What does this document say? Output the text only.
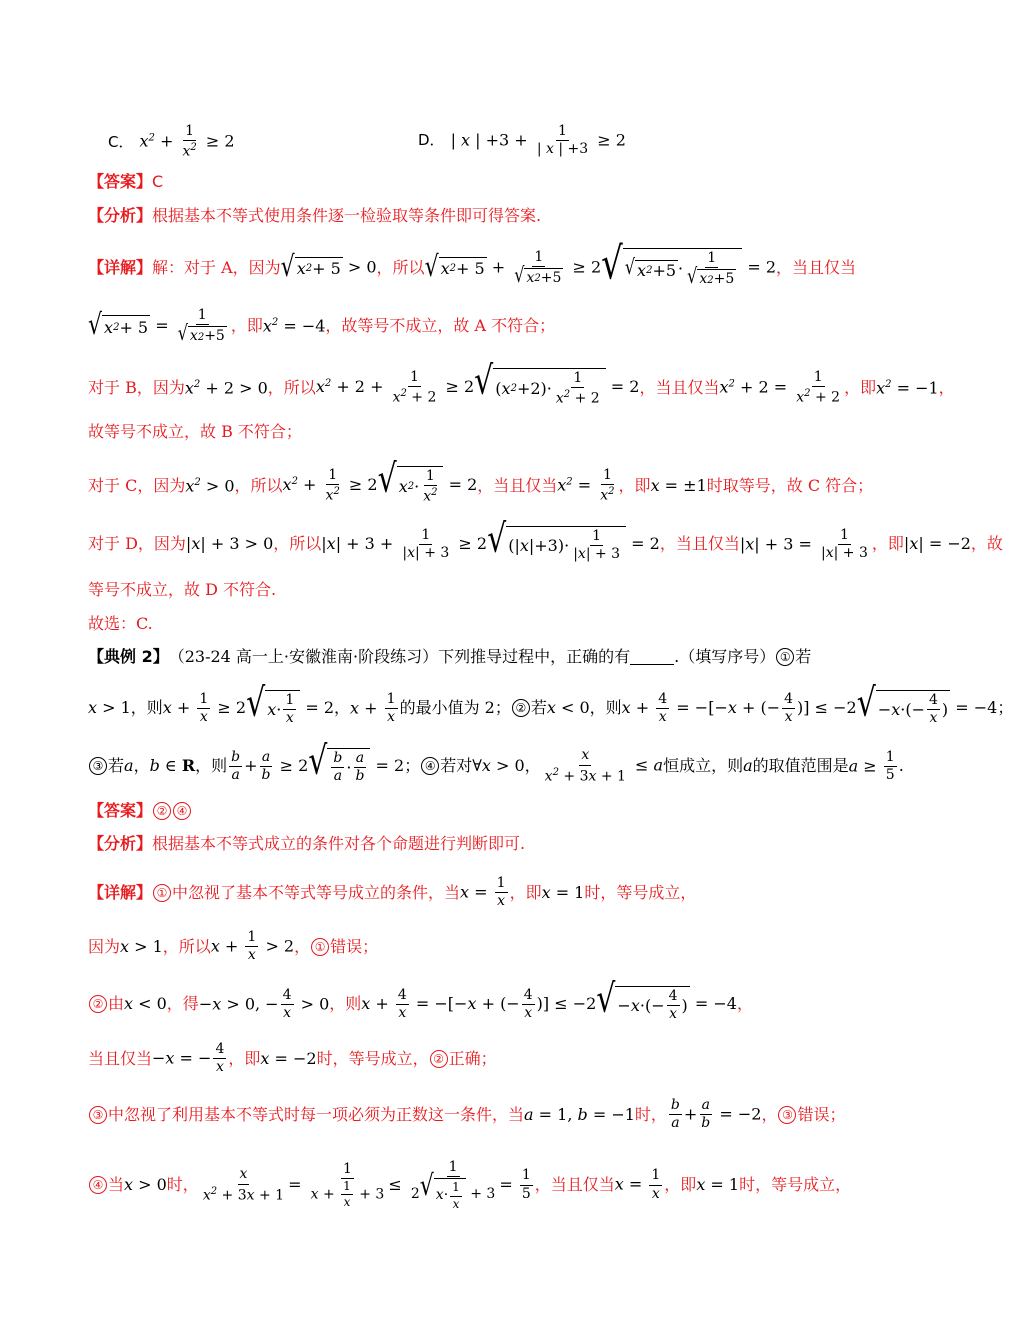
C． $x^2 + \frac{1}{x^2} \ge 2$	D． | x | $+3 + \frac{1}{| x | +3} \ge 2$
【答案】 C
【分析】 根据基本不等式使用条件逐一检验取等条件即可得答案.
【详解】 解：对于 A，因为 √ x 2 + 5 > 0 ，所以 √ x $2 + 5 + \frac{1}{√ x 2 +5} \ge 2$ √ √ x 2 +5 ·
1
√ x 2 +5
= 2 ，当且仅当
√ x $2 + 5 = \frac{1}{√ x 2 +5}$ ，即 $x^2 = -4$ ，故等号不成立，故 A 不符合；
对于 B，因为 $x^2 + 2 > 0$ ，所以 $x^2 + 2 + \frac{1}{x^2 + 2} \ge 2$ √ ( x 2 +2)·
1
$x^2 + 2$
= 2 ，当且仅当 $x^2 + 2 = \frac{1}{x^2 + 2}$ ，即 $x^2 = -1$ ，
故等号不成立，故 B 不符合；
对于 C，因为 $x^2 > 0$ ，所以 $x^2 + \frac{1}{x^2} \ge 2$ √ x 2 ·
1
$x^2 = 2$ ，当且仅当 $x^2 = \frac{1}{x^2}$ ，即 x = ±1 时取等号，故 C 符合；
对于 D，因为 |x| + 3 > 0 ，所以 $|x| + 3 + \frac{1}{|x| + 3} \ge 2$ √ (| x |+3)· 1
|x| + 3
= 2 ，当且仅当 $|x| + 3 = \frac{1}{|x| + 3}$ ，即 |x| = −2 ，故
等号不成立，故 D 不符合.
故选：C.
【典例 2】 （23-24 高一上·安徽淮南·阶段练习）下列推导过程中，正确的有	.（填写序号） ① 若
x > 1 ，则 $x + \frac{1}{x} \ge 2$ √ x · 1
x
= 2 ， $x + \frac{1}{x}$ 的最小值为 2； ② 若 x < 0 ，则 $x + \frac{4}{x} = -[-x$ + (− $\frac{4}{x}$ )] ≤ −2 √ − x ·(− $\frac{4}{x}$ ) = −4 ；
③ 若 a ， b ∈ R ，则 $\frac{b}{a} + \frac{a}{b} \ge 2$ √ b
a · a
b
= 2 ； ④ 若对 ∀x > 0 ， $\frac{x}{x^2 + 3x + 1} \le a$ 恒成立，则 a 的取值范围是 $a \ge \frac{1}{5}$ .
【答案】 ② ④
【分析】 根据基本不等式成立的条件对各个命题进行判断即可.
【详解】 ① 中忽视了基本不等式等号成立的条件，当 $x = \frac{1}{x}$ ，即 x = 1 时，等号成立，
因为 x > 1 ，所以 $x + \frac{1}{x} > 2$ ， ① 错误；
② 由 x < 0 ，得 −x > 0, − $\frac{4}{x} > 0$ ，则 $x + \frac{4}{x} = -[-x$ + (− $\frac{4}{x}$ )] ≤ −2 √ − x ·(− $\frac{4}{x}$ ) = −4 ，
当且仅当 −x = − $\frac{4}{x}$ ，即 x = −2 时，等号成立， ② 正确；
③ 中忽视了利用基本不等式时每一项必须为正数这一条件，当 a = 1, b = −1 时， $\frac{b}{a} + \frac{a}{b} = -2$ ， ③ 错误；
④ 当 x > 0 时， $\frac{x}{x^2 + 3x + 1} = \frac{1}{x + \frac{1}{x} + 3} \le 1$
2 √ x · 1
x
+ $3 = \frac{1}{5}$ ，当且仅当 $x = \frac{1}{x}$ ，即 x = 1 时，等号成立，
